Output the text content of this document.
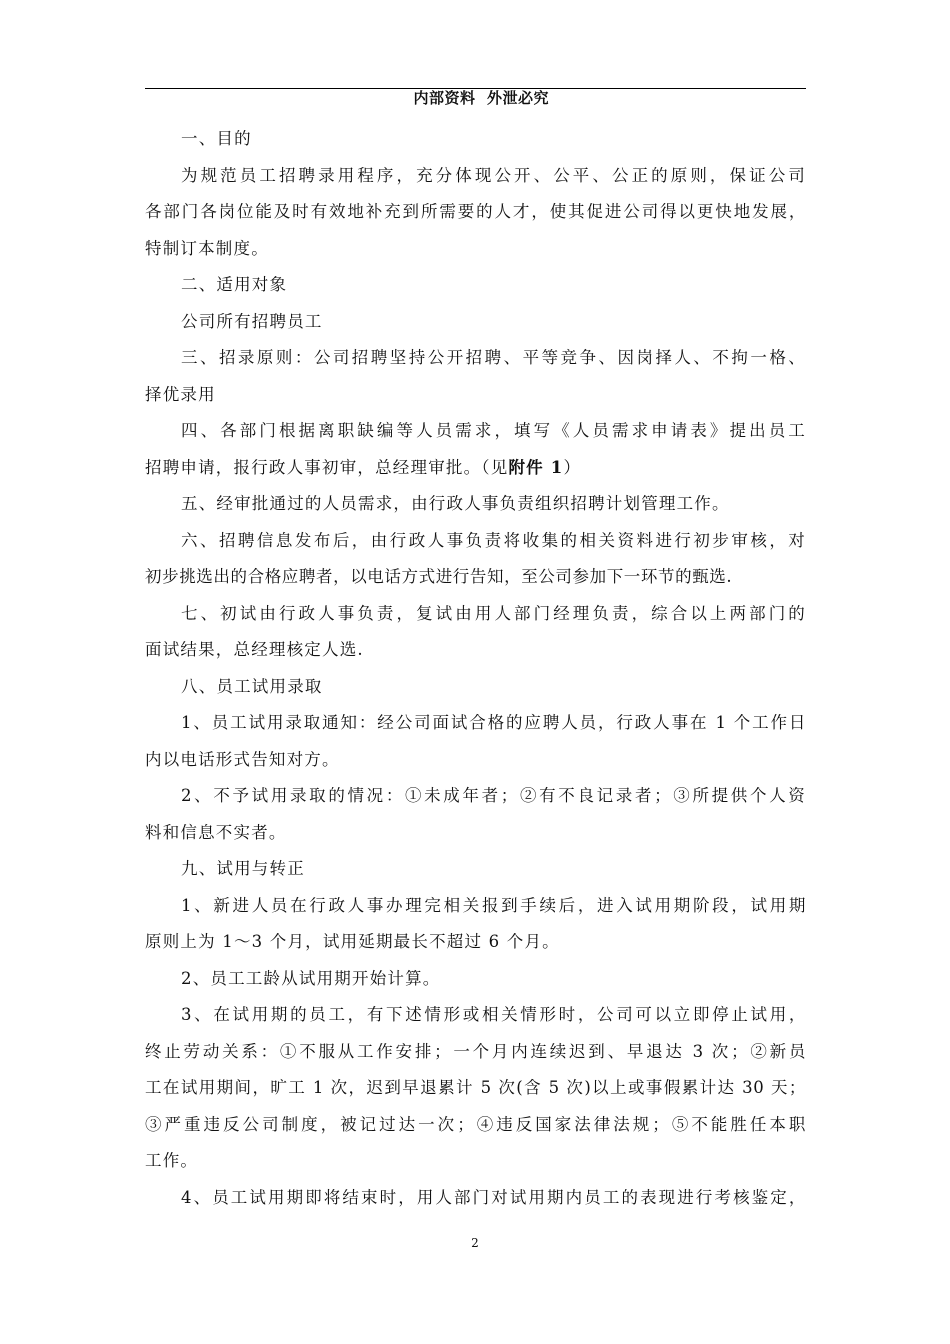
内部资料  外泄必究

一、目的
为规范员工招聘录用程序，充分体现公开、公平、公正的原则，保证公司
各部门各岗位能及时有效地补充到所需要的人才，使其促进公司得以更快地发展，
特制订本制度。
二、适用对象
公司所有招聘员工
三、招录原则：公司招聘坚持公开招聘、平等竞争、因岗择人、不拘一格、
择优录用
四、各部门根据离职缺编等人员需求，填写《人员需求申请表》提出员工
招聘申请，报行政人事初审，总经理审批。（见附件 1）
五、经审批通过的人员需求，由行政人事负责组织招聘计划管理工作。
六、招聘信息发布后，由行政人事负责将收集的相关资料进行初步审核，对
初步挑选出的合格应聘者，以电话方式进行告知，至公司参加下一环节的甄选.
七、初试由行政人事负责，复试由用人部门经理负责，综合以上两部门的
面试结果，总经理核定人选.
八、员工试用录取
1、员工试用录取通知：经公司面试合格的应聘人员，行政人事在 1 个工作日
内以电话形式告知对方。
2、不予试用录取的情况：①未成年者；②有不良记录者；③所提供个人资
料和信息不实者。
九、试用与转正
1、新进人员在行政人事办理完相关报到手续后，进入试用期阶段，试用期
原则上为 1～3 个月，试用延期最长不超过 6 个月。
2、员工工龄从试用期开始计算。
3、在试用期的员工，有下述情形或相关情形时，公司可以立即停止试用，
终止劳动关系：①不服从工作安排；一个月内连续迟到、早退达 3 次；②新员
工在试用期间，旷工 1 次，迟到早退累计 5 次(含 5 次)以上或事假累计达 30 天；
③严重违反公司制度，被记过达一次；④违反国家法律法规；⑤不能胜任本职
工作。
4、员工试用期即将结束时，用人部门对试用期内员工的表现进行考核鉴定，
2
